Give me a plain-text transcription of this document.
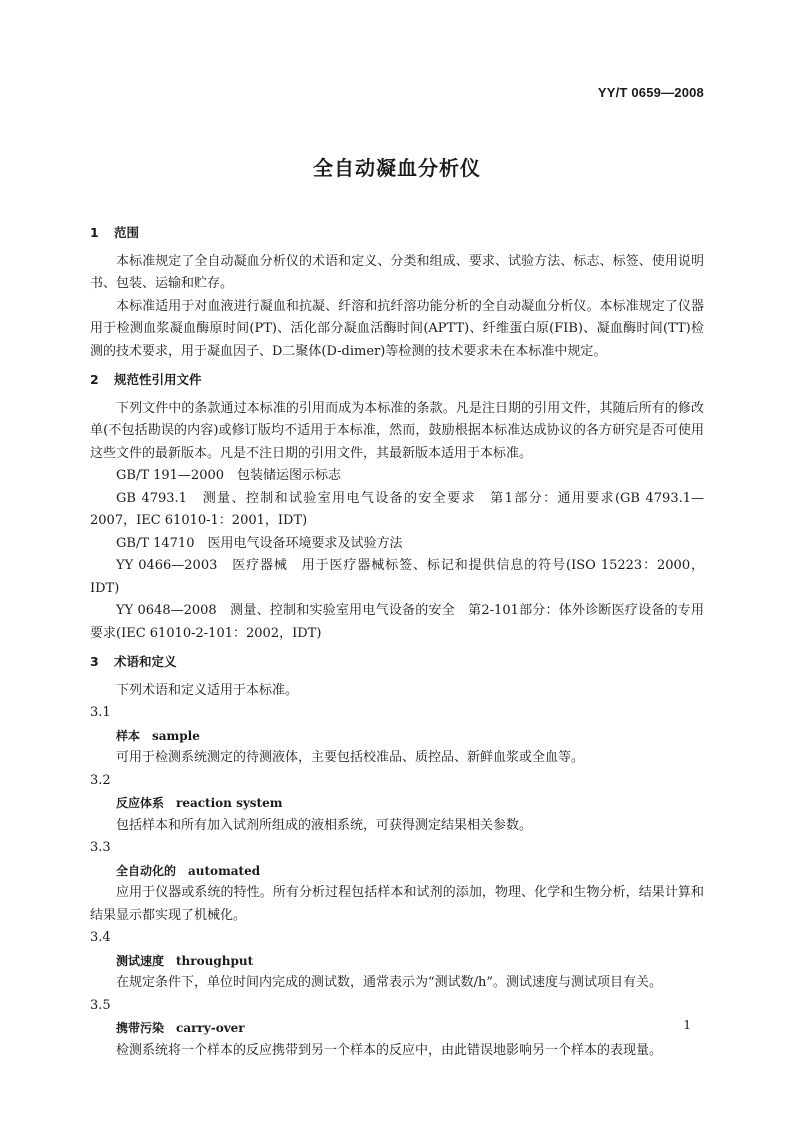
YY/T 0659—2008
全自动凝血分析仪

1 范围

本标准规定了全自动凝血分析仪的术语和定义、分类和组成、要求、试验方法、标志、标签、使用说明书、包装、运输和贮存。

本标准适用于对血液进行凝血和抗凝、纤溶和抗纤溶功能分析的全自动凝血分析仪。本标准规定了仪器用于检测血浆凝血酶原时间(PT)、活化部分凝血活酶时间(APTT)、纤维蛋白原(FIB)、凝血酶时间(TT)检测的技术要求，用于凝血因子、D二聚体(D-dimer)等检测的技术要求未在本标准中规定。

2 规范性引用文件

下列文件中的条款通过本标准的引用而成为本标准的条款。凡是注日期的引用文件，其随后所有的修改单(不包括勘误的内容)或修订版均不适用于本标准，然而，鼓励根据本标准达成协议的各方研究是否可使用这些文件的最新版本。凡是不注日期的引用文件，其最新版本适用于本标准。

GB/T 191—2000　包装储运图示标志

GB 4793.1　测量、控制和试验室用电气设备的安全要求　第1部分：通用要求(GB 4793.1—2007，IEC 61010-1：2001，IDT)

GB/T 14710　医用电气设备环境要求及试验方法

YY 0466—2003　医疗器械　用于医疗器械标签、标记和提供信息的符号(ISO 15223：2000，IDT)

YY 0648—2008　测量、控制和实验室用电气设备的安全　第2-101部分：体外诊断医疗设备的专用要求(IEC 61010-2-101：2002，IDT)

3 术语和定义

下列术语和定义适用于本标准。

3.1

样本 sample

可用于检测系统测定的待测液体，主要包括校准品、质控品、新鲜血浆或全血等。

3.2

反应体系 reaction system

包括样本和所有加入试剂所组成的液相系统，可获得测定结果相关参数。

3.3

全自动化的 automated

应用于仪器或系统的特性。所有分析过程包括样本和试剂的添加，物理、化学和生物分析，结果计算和结果显示都实现了机械化。

3.4

测试速度 throughput

在规定条件下，单位时间内完成的测试数，通常表示为“测试数/h”。测试速度与测试项目有关。

3.5

携带污染 carry-over

检测系统将一个样本的反应携带到另一个样本的反应中，由此错误地影响另一个样本的表现量。

1
